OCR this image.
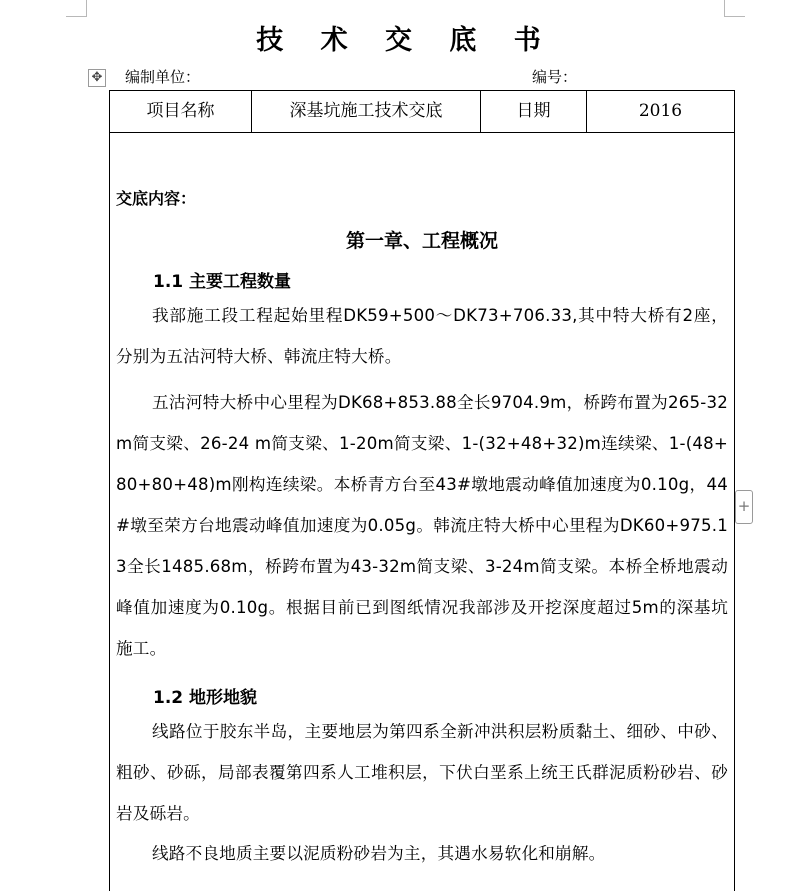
技 术 交 底 书
✥ 编制单位：	编号：
项目名称	深基坑施工技术交底	日期	2016
交底内容：
第一章、工程概况
1.1 主要工程数量
我部施工段工程起始里程DK59+500～DK73+706.33,其中特大桥有2座，分别为五沽河特大桥、韩流庄特大桥。
五沽河特大桥中心里程为DK68+853.88全长9704.9m，桥跨布置为265-32m简支梁、26-24 m简支梁、1-20m简支梁、1-(32+48+32)m连续梁、1-(48+80+80+48)m刚构连续梁。本桥青方台至43#墩地震动峰值加速度为0.10g，44#墩至荣方台地震动峰值加速度为0.05g。韩流庄特大桥中心里程为DK60+975.13全长1485.68m，桥跨布置为43-32m简支梁、3-24m简支梁。本桥全桥地震动峰值加速度为0.10g。根据目前已到图纸情况我部涉及开挖深度超过5m的深基坑施工。
1.2 地形地貌
线路位于胶东半岛，主要地层为第四系全新冲洪积层粉质黏土、细砂、中砂、粗砂、砂砾，局部表覆第四系人工堆积层，下伏白垩系上统王氏群泥质粉砂岩、砂岩及砾岩。
线路不良地质主要以泥质粉砂岩为主，其遇水易软化和崩解。
+
